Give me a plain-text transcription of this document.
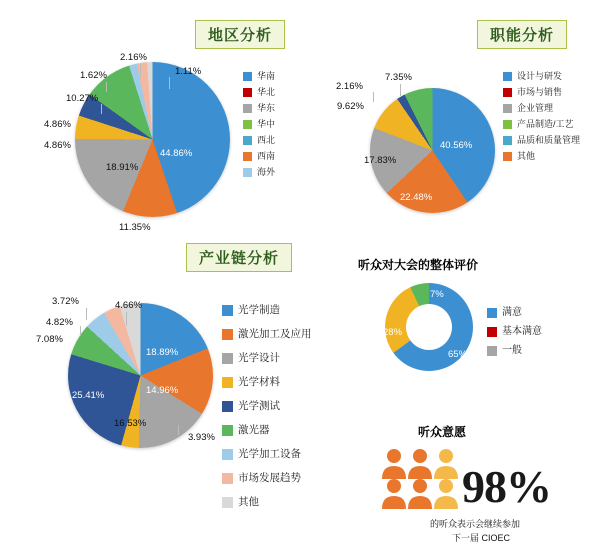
地区分析	职能分析
产业链分析	听众对大会的整体评价
听众意愿
44.86%
11.35%
18.91%
4.86%
4.86%
10.27%
1.62%
2.16%
1.11%	华南
华北
华东
华中
西北
西南
海外
40.56%
22.48%
17.83%
9.62%
2.16%
7.35%	设计与研发
市场与销售
企业管理
产品制造/工艺
品质和质量管理
其他
18.89%
14.96%
16.53%
3.93%
25.41%
7.08%
4.82%
3.72%	4.66%	光学制造
激光加工及应用
光学设计
光学材料
光学测试
激光器
光学加工设备
市场发展趋势
其他
65%
28%
7%
满意
基本满意
一般
98%
的听众表示会继续参加
下一届 CIOEC
